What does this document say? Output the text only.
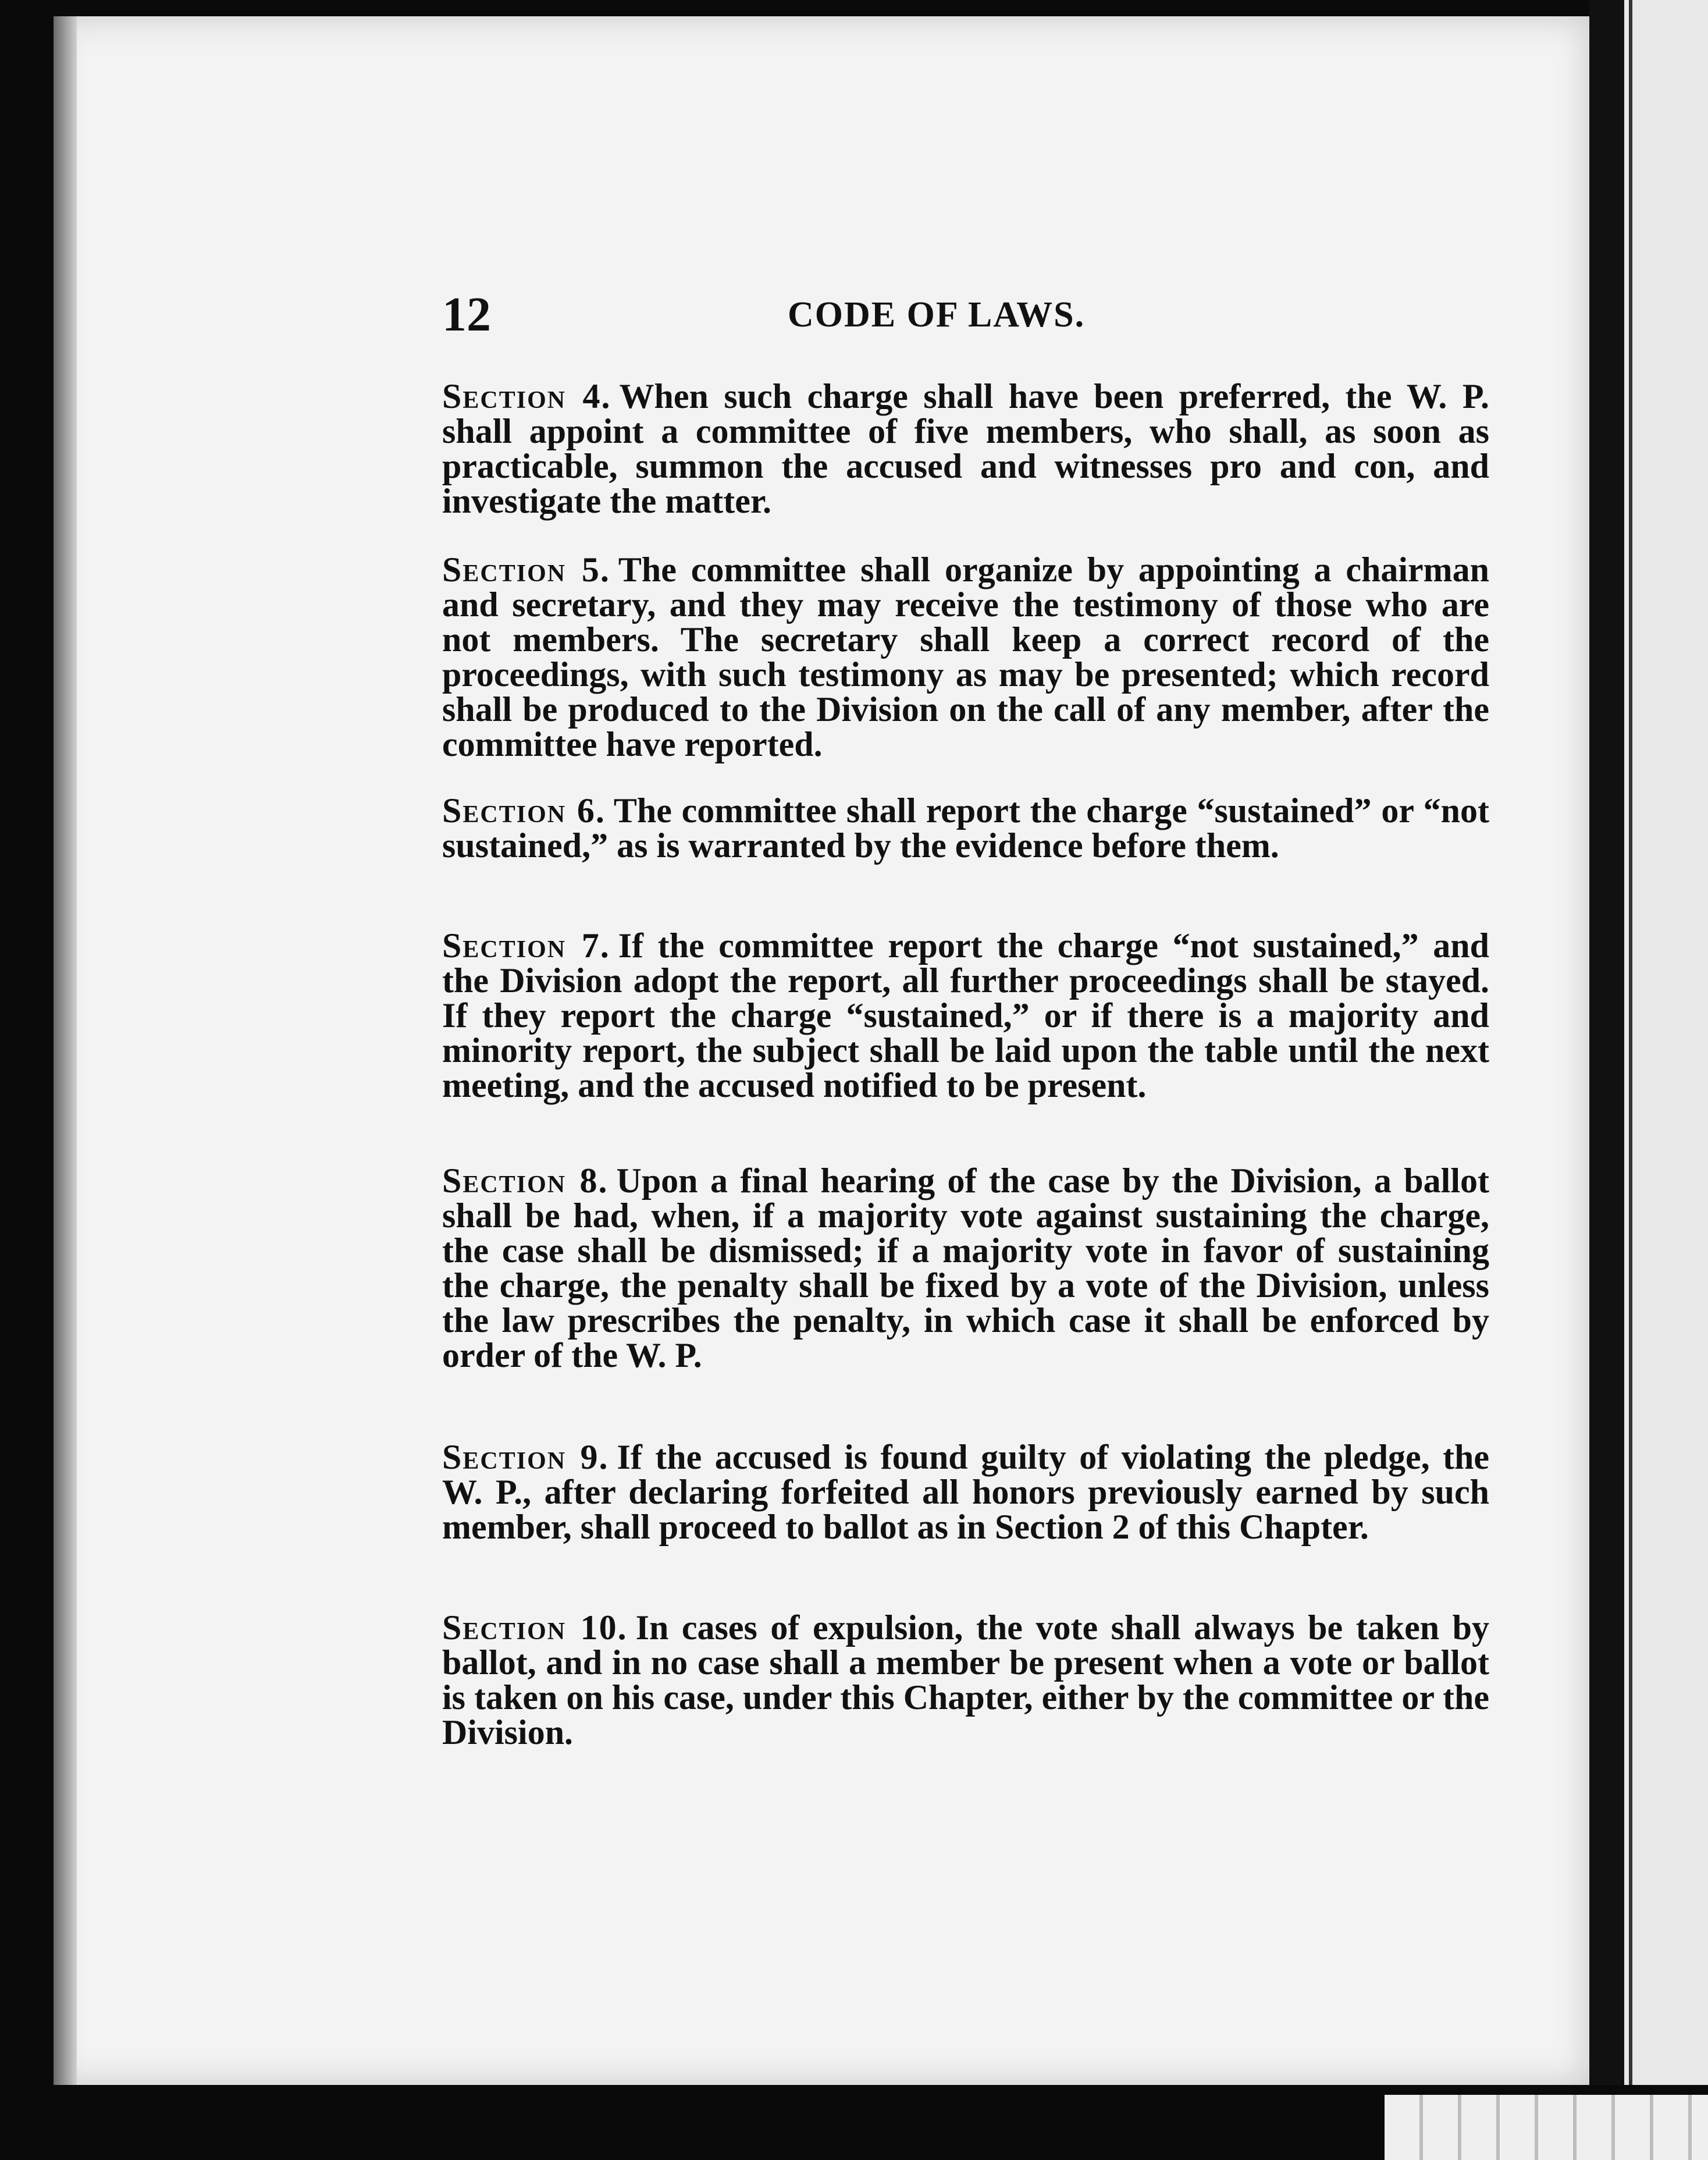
12	CODE OF LAWS.

Section 4. When such charge shall have been preferred, the W. P. shall appoint a committee of five members, who shall, as soon as practicable, summon the accused and witnesses pro and con, and investigate the matter.

Section 5. The committee shall organize by appointing a chairman and secretary, and they may receive the testimony of those who are not members. The secretary shall keep a correct record of the proceedings, with such testimony as may be presented; which record shall be produced to the Division on the call of any member, after the committee have reported.

Section 6. The committee shall report the charge “sustained” or “not sustained,” as is warranted by the evidence before them.

Section 7. If the committee report the charge “not sustained,” and the Division adopt the report, all further proceedings shall be stayed. If they report the charge “sustained,” or if there is a majority and minority report, the subject shall be laid upon the table until the next meeting, and the accused notified to be present.

Section 8. Upon a final hearing of the case by the Division, a ballot shall be had, when, if a majority vote against sustaining the charge, the case shall be dismissed; if a majority vote in favor of sustaining the charge, the penalty shall be fixed by a vote of the Division, unless the law prescribes the penalty, in which case it shall be enforced by order of the W. P.

Section 9. If the accused is found guilty of violating the pledge, the W. P., after declaring forfeited all honors previously earned by such member, shall proceed to ballot as in Section 2 of this Chapter.

Section 10. In cases of expulsion, the vote shall always be taken by ballot, and in no case shall a member be present when a vote or ballot is taken on his case, under this Chapter, either by the committee or the Division.
